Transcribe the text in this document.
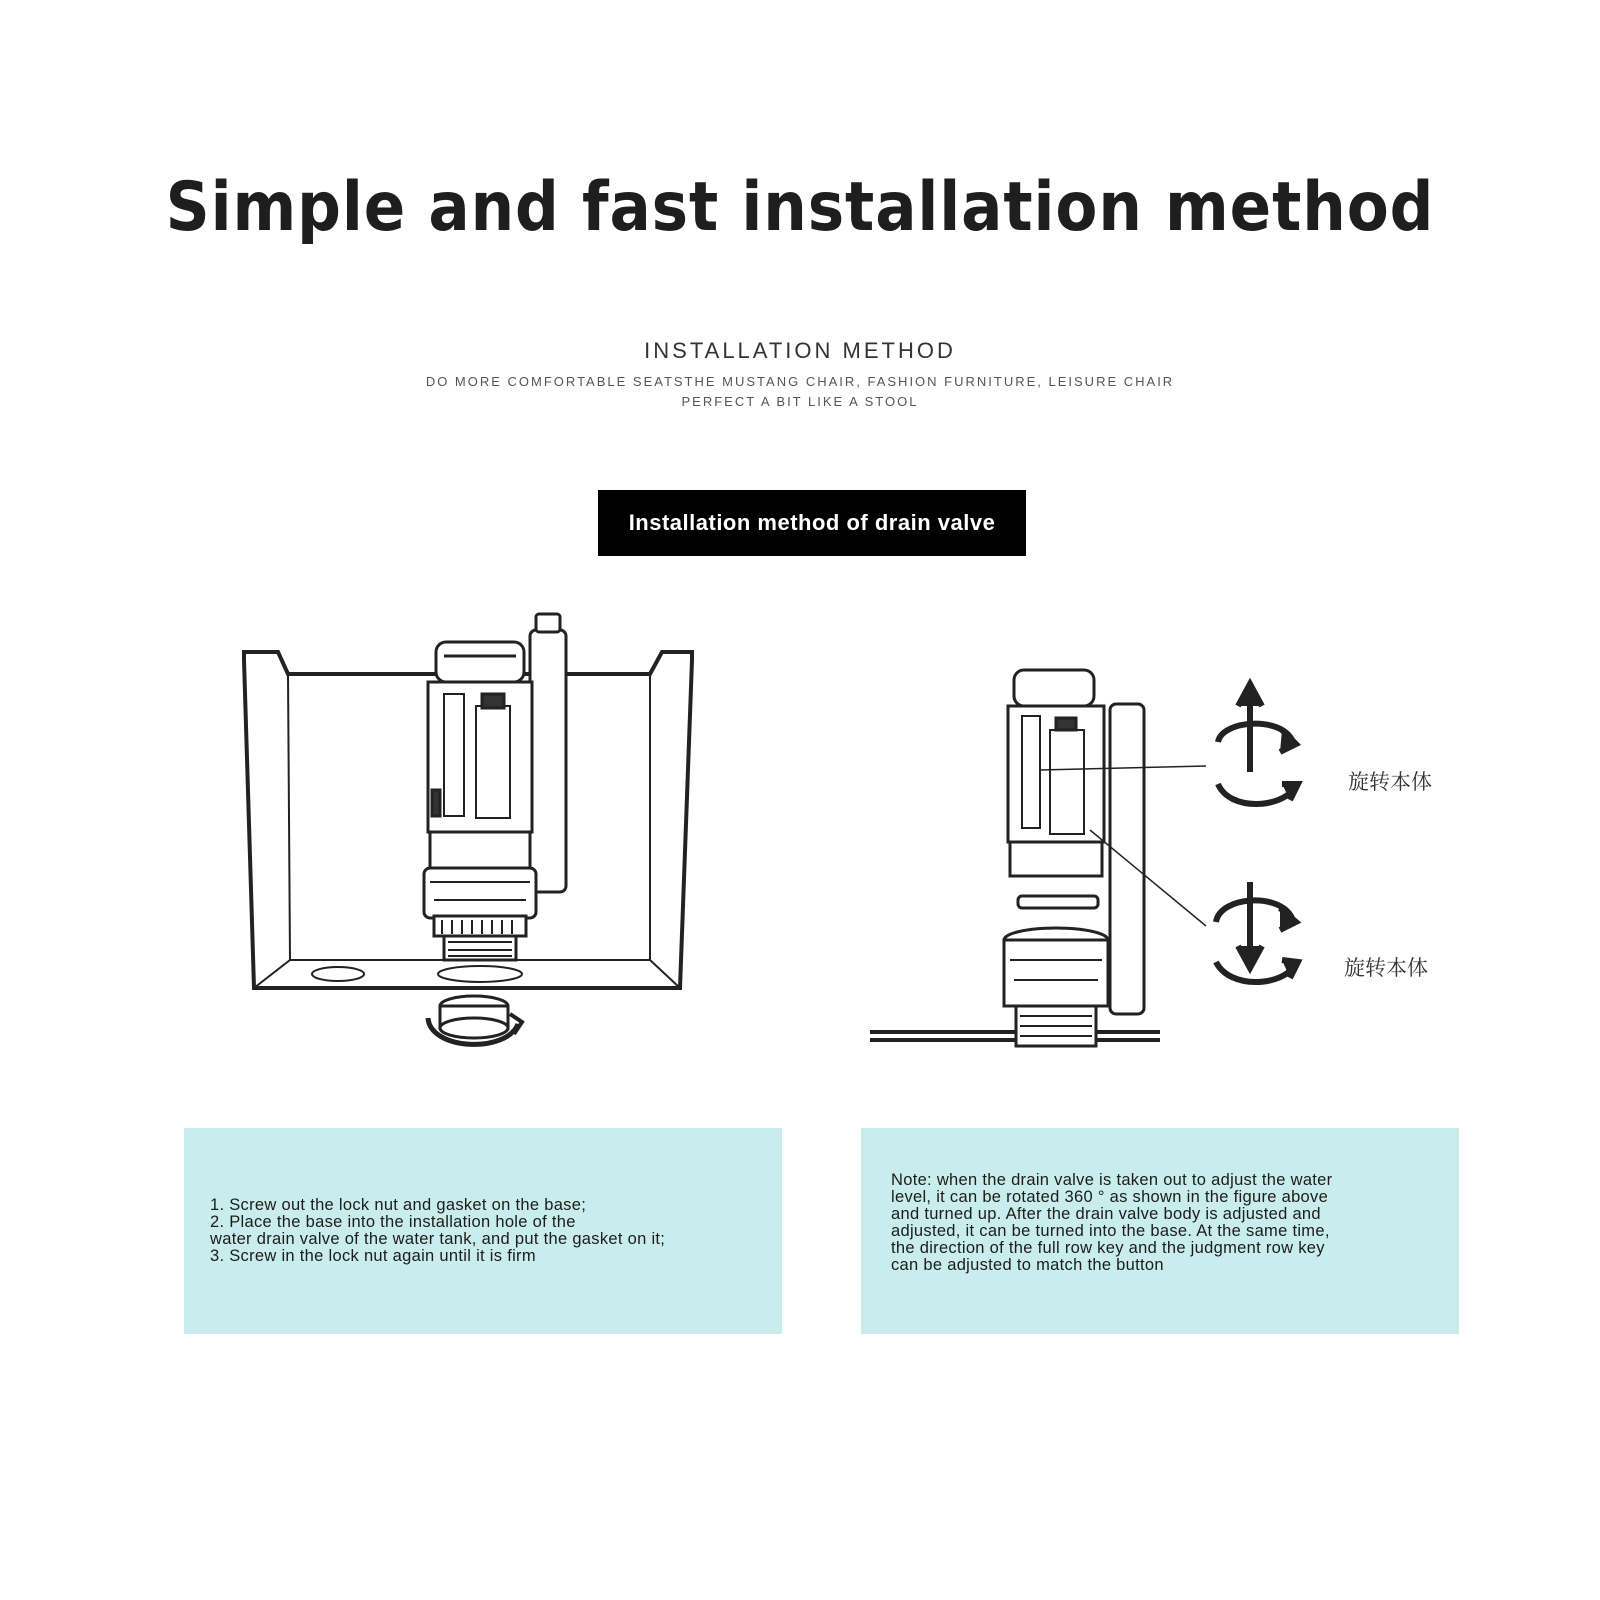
Simple and fast installation method
INSTALLATION METHOD
DO MORE COMFORTABLE SEATSTHE MUSTANG CHAIR, FASHION FURNITURE, LEISURE CHAIR
PERFECT A BIT LIKE A STOOL
Installation method of drain valve
旋转本体
旋转本体
1. Screw out the lock nut and gasket on the base;
2. Place the base into the installation hole of the
water drain valve of the water tank, and put the gasket on it;
3. Screw in the lock nut again until it is firm
Note: when the drain valve is taken out to adjust the water
level, it can be rotated 360 ° as shown in the figure above
and turned up. After the drain valve body is adjusted and
adjusted, it can be turned into the base. At the same time,
the direction of the full row key and the judgment row key
can be adjusted to match the button
